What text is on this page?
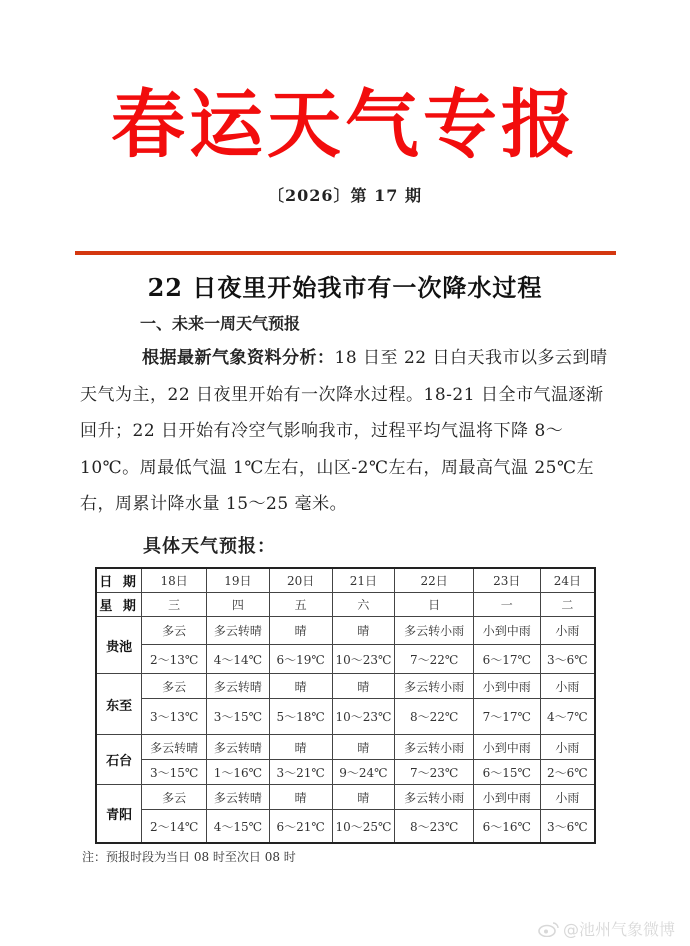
春运天气专报
〔2026〕第 17 期
22 日夜里开始我市有一次降水过程
一、未来一周天气预报
根据最新气象资料分析：18 日至 22 日白天我市以多云到晴天气为主，22 日夜里开始有一次降水过程。18-21 日全市气温逐渐回升；22 日开始有冷空气影响我市，过程平均气温将下降 8～10℃。周最低气温 1℃左右，山区-2℃左右，周最高气温 25℃左右，周累计降水量 15～25 毫米。
具体天气预报：
日 期	18日	19日	20日	21日	22日	23日	24日
星 期	三	四	五	六	日	一	二
贵池	多云	多云转晴	晴	晴	多云转小雨	小到中雨	小雨
	2～13℃	4～14℃	6～19℃	10～23℃	7～22℃	6～17℃	3～6℃
东至	多云	多云转晴	晴	晴	多云转小雨	小到中雨	小雨
	3～13℃	3～15℃	5～18℃	10～23℃	8～22℃	7～17℃	4～7℃
石台	多云转晴	多云转晴	晴	晴	多云转小雨	小到中雨	小雨
	3～15℃	1～16℃	3～21℃	9～24℃	7～23℃	6～15℃	2～6℃
青阳	多云	多云转晴	晴	晴	多云转小雨	小到中雨	小雨
	2～14℃	4～15℃	6～21℃	10～25℃	8～23℃	6～16℃	3～6℃
注：预报时段为当日 08 时至次日 08 时
@池州气象微博
